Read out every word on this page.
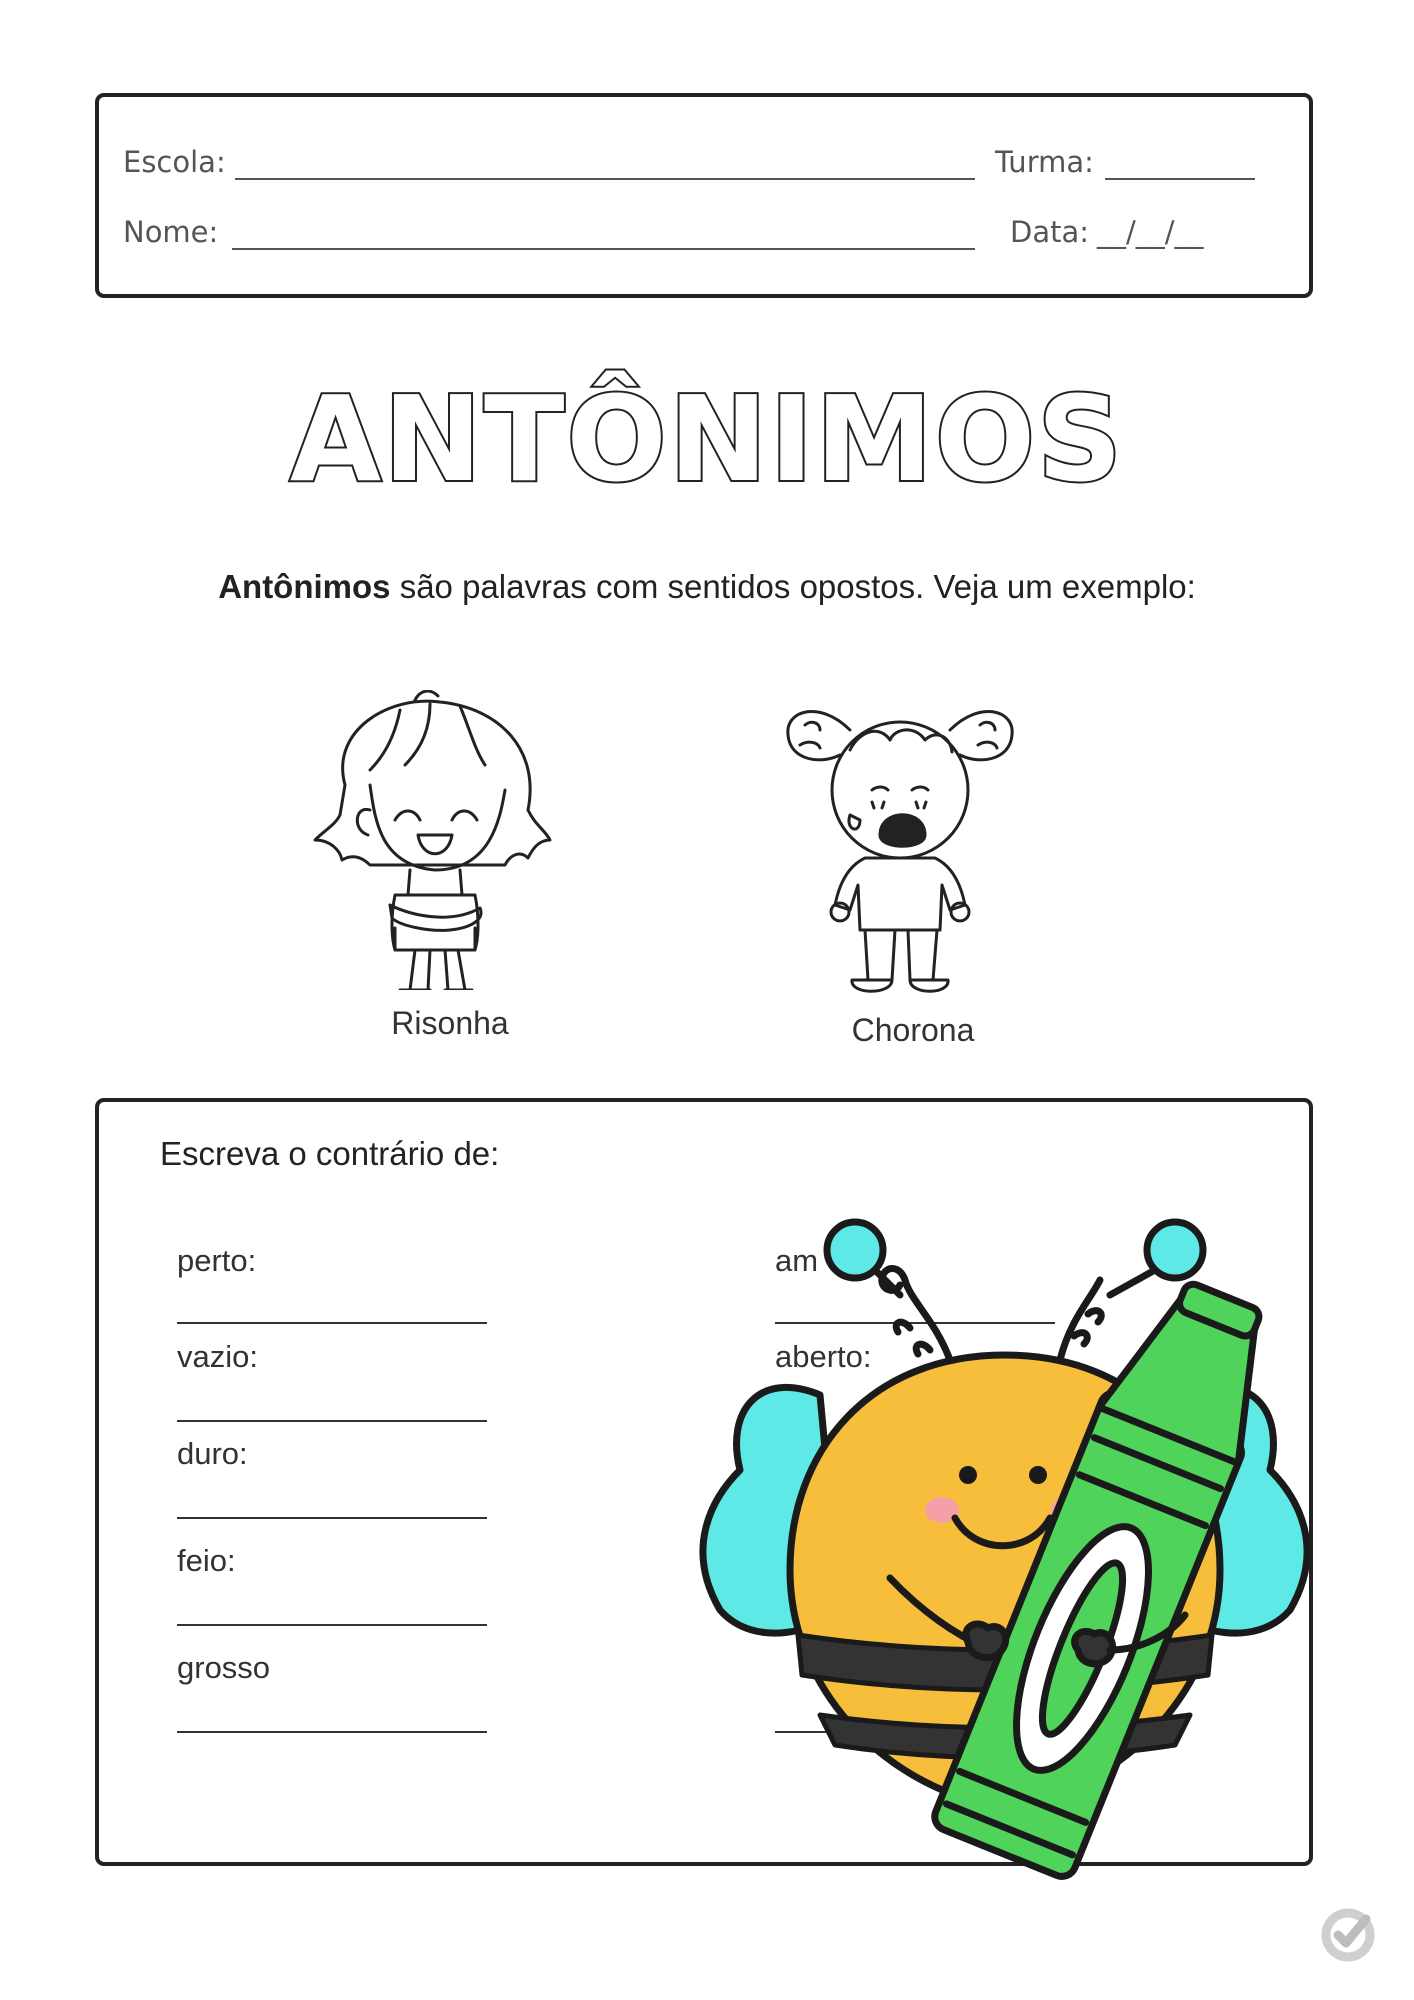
Escola:	Turma:
Nome:	Data: __/__/__
ANTÔNIMOS
Antônimos são palavras com sentidos opostos. Veja um exemplo:
Risonha	Chorona
Escreva o contrário de:
perto:
vazio:
duro:
feio:
grosso
am
aberto:
